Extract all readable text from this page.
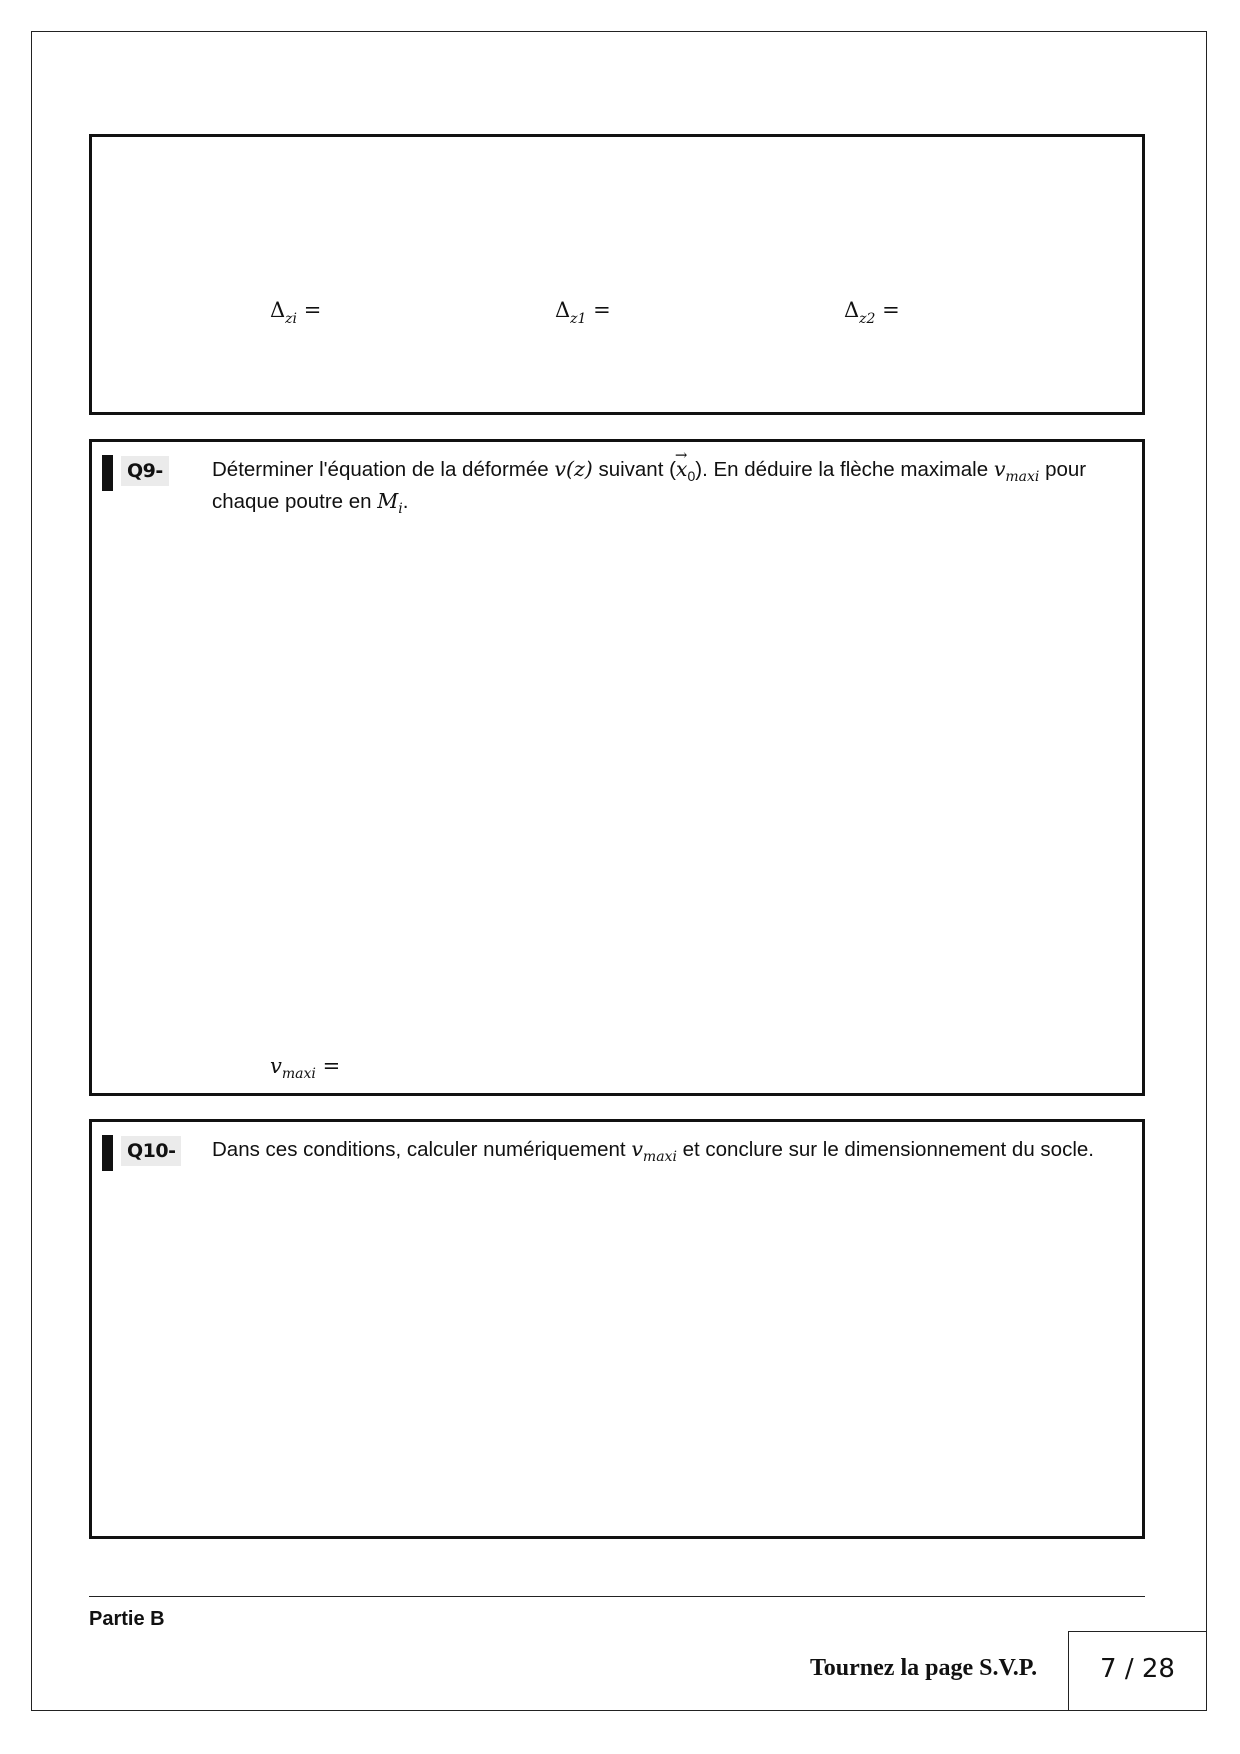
$\Delta_{zi}$ =	$\Delta_{z1}$ =	$\Delta_{z2}$ =
Q9- Déterminer l'équation de la déformée v(z) suivant (→ $x_0$). En déduire la flèche maximale $v_{maxi}$ pour chaque poutre en $M_i$.
$v_{maxi}$ =
Q10- Dans ces conditions, calculer numériquement $v_{maxi}$ et conclure sur le dimensionnement du socle.
Partie B
Tournez la page S.V.P.	7 / 28
